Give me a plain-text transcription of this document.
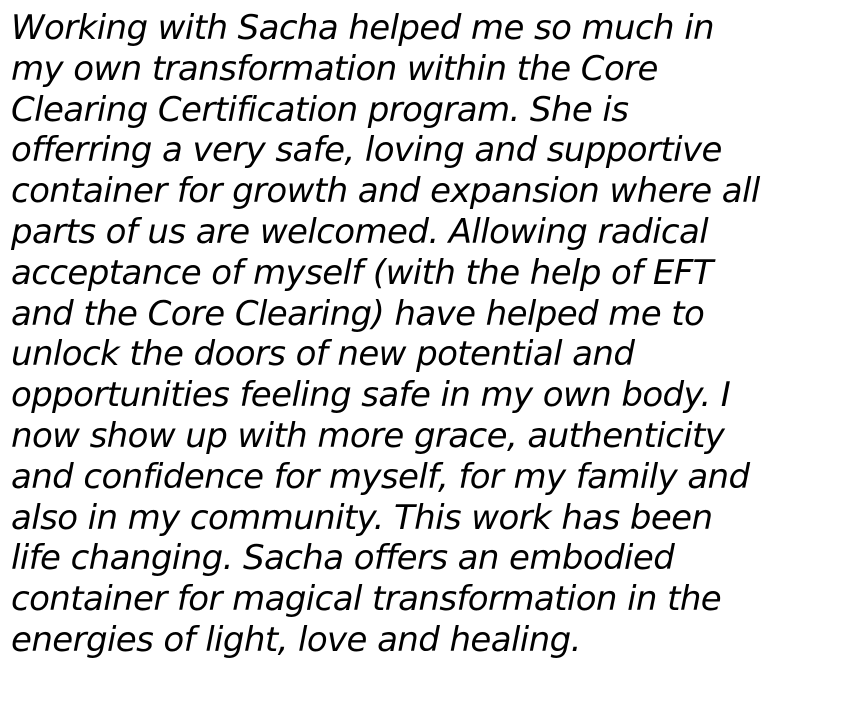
Working with Sacha helped me so much in
my own transformation within the Core
Clearing Certification program. She is
offerring a very safe, loving and supportive
container for growth and expansion where all
parts of us are welcomed. Allowing radical
acceptance of myself (with the help of EFT
and the Core Clearing) have helped me to
unlock the doors of new potential and
opportunities feeling safe in my own body. I
now show up with more grace, authenticity
and confidence for myself, for my family and
also in my community. This work has been
life changing. Sacha offers an embodied
container for magical transformation in the
energies of light, love and healing.
